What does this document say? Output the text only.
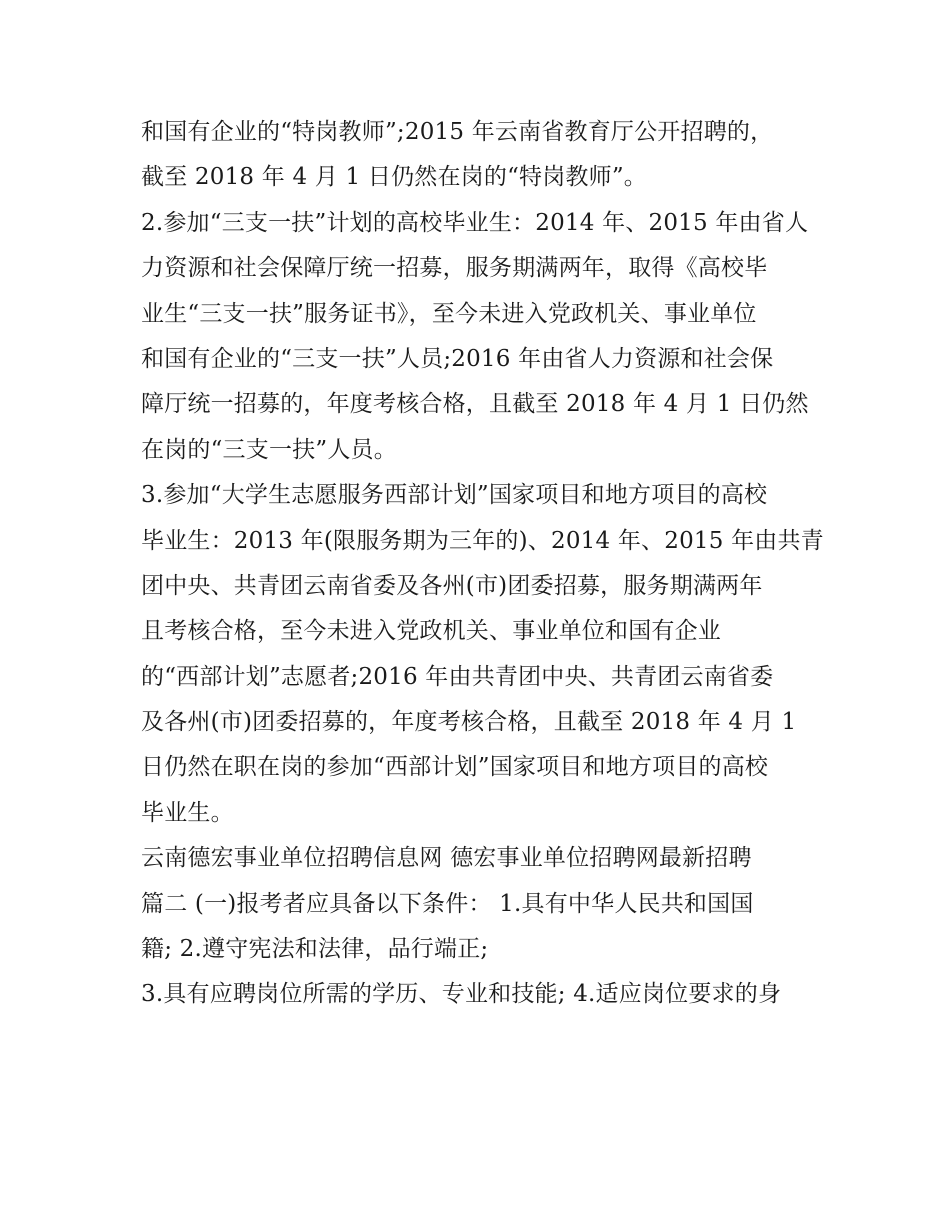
和国有企业的“特岗教师”;2015 年云南省教育厅公开招聘的，
截至 2018 年 4 月 1 日仍然在岗的“特岗教师”。
2.参加“三支一扶”计划的高校毕业生：2014 年、2015 年由省人
力资源和社会保障厅统一招募，服务期满两年，取得《高校毕
业生“三支一扶”服务证书》，至今未进入党政机关、事业单位
和国有企业的“三支一扶”人员;2016 年由省人力资源和社会保
障厅统一招募的，年度考核合格，且截至 2018 年 4 月 1 日仍然
在岗的“三支一扶”人员。
3.参加“大学生志愿服务西部计划”国家项目和地方项目的高校
毕业生：2013 年(限服务期为三年的)、2014 年、2015 年由共青
团中央、共青团云南省委及各州(市)团委招募，服务期满两年
且考核合格，至今未进入党政机关、事业单位和国有企业
的“西部计划”志愿者;2016 年由共青团中央、共青团云南省委
及各州(市)团委招募的，年度考核合格，且截至 2018 年 4 月 1
日仍然在职在岗的参加“西部计划”国家项目和地方项目的高校
毕业生。
云南德宏事业单位招聘信息网 德宏事业单位招聘网最新招聘
篇二 (一)报考者应具备以下条件： 1.具有中华人民共和国国
籍; 2.遵守宪法和法律，品行端正;
3.具有应聘岗位所需的学历、专业和技能; 4.适应岗位要求的身
